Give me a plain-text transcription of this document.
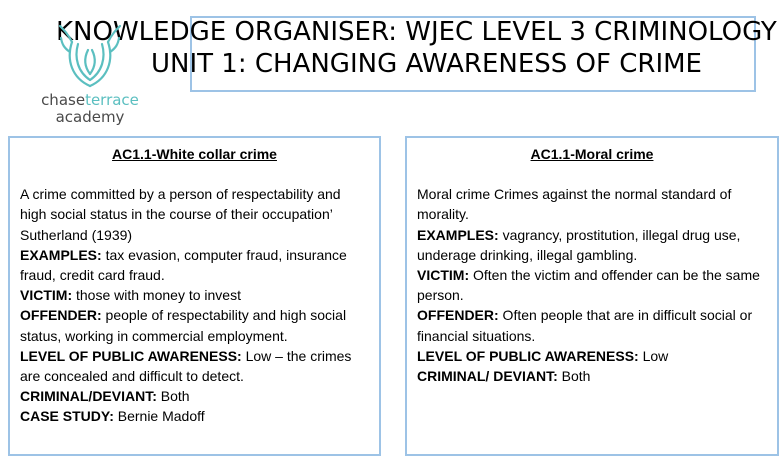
KNOWLEDGE ORGANISER: WJEC LEVEL 3 CRIMINOLOGY
UNIT 1: CHANGING AWARENESS OF CRIME
chaseterrace
academy
AC1.1-White collar crime

A crime committed by a person of respectability and high social status in the course of their occupation’ Sutherland (1939)

EXAMPLES: tax evasion, computer fraud, insurance fraud, credit card fraud.

VICTIM: those with money to invest

OFFENDER: people of respectability and high social status, working in commercial employment.

LEVEL OF PUBLIC AWARENESS: Low – the crimes are concealed and difficult to detect.

CRIMINAL/DEVIANT: Both

CASE STUDY: Bernie Madoff

AC1.1-Moral crime

Moral crime Crimes against the normal standard of morality.

EXAMPLES: vagrancy, prostitution, illegal drug use, underage drinking, illegal gambling.

VICTIM: Often the victim and offender can be the same person.

OFFENDER: Often people that are in difficult social or financial situations.

LEVEL OF PUBLIC AWARENESS: Low

CRIMINAL/ DEVIANT: Both
